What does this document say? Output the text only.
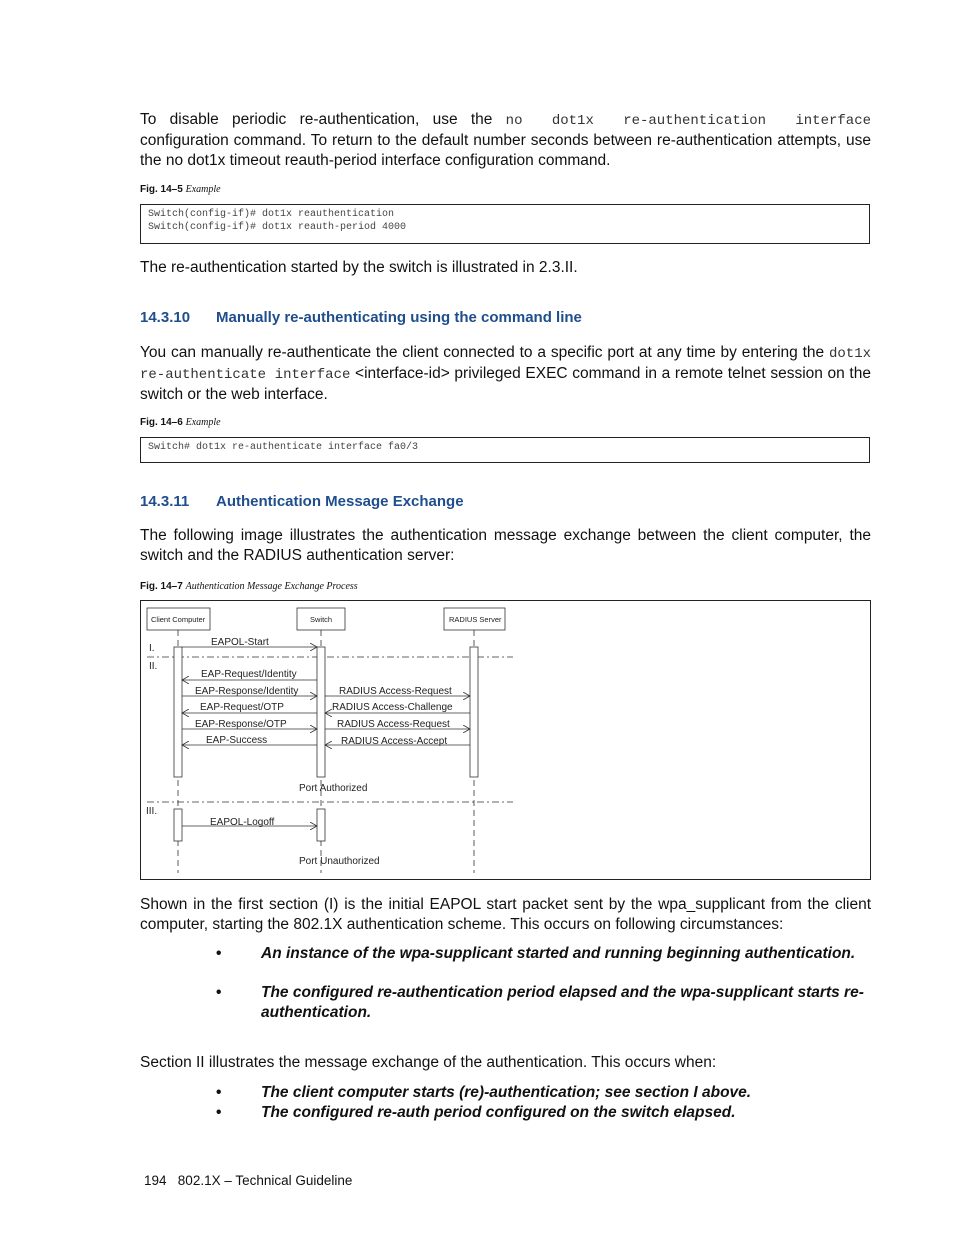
To disable periodic re-authentication, use the no dot1x re-authentication interface configuration command. To return to the default number seconds between re-authentication attempts, use the no dot1x timeout reauth-period interface configuration command.

Fig. 14–5 Example
Switch(config-if)# dot1x reauthentication
Switch(config-if)# dot1x reauth-period 4000

The re-authentication started by the switch is illustrated in 2.3.II.

14.3.10 Manually re-authenticating using the command line

You can manually re-authenticate the client connected to a specific port at any time by entering the dot1x re-authenticate interface <interface-id> privileged EXEC command in a remote telnet session on the switch or the web interface.

Fig. 14–6 Example
Switch# dot1x re-authenticate interface fa0/3
14.3.11 Authentication Message Exchange

The following image illustrates the authentication message exchange between the client computer, the switch and the RADIUS authentication server:

Fig. 14–7 Authentication Message Exchange Process
Client Computer	Switch	RADIUS Server
I.
II.
III.
EAPOL-Start
EAP-Request/Identity
EAP-Response/Identity
EAP-Request/OTP
EAP-Response/OTP
EAP-Success
EAPOL-Logoff
RADIUS Access-Request
RADIUS Access-Challenge
RADIUS Access-Request
RADIUS Access-Accept
Port Authorized
Port Unauthorized

Shown in the first section (I) is the initial EAPOL start packet sent by the wpa_supplicant from the client computer, starting the 802.1X authentication scheme. This occurs on following circumstances:

•	An instance of the wpa-supplicant started and running beginning authentication.
•	The configured re-authentication period elapsed and the wpa-supplicant starts re-authentication.

Section II illustrates the message exchange of the authentication. This occurs when:

•	The client computer starts (re)-authentication; see section I above.
•	The configured re-auth period configured on the switch elapsed.
194 802.1X – Technical Guideline
